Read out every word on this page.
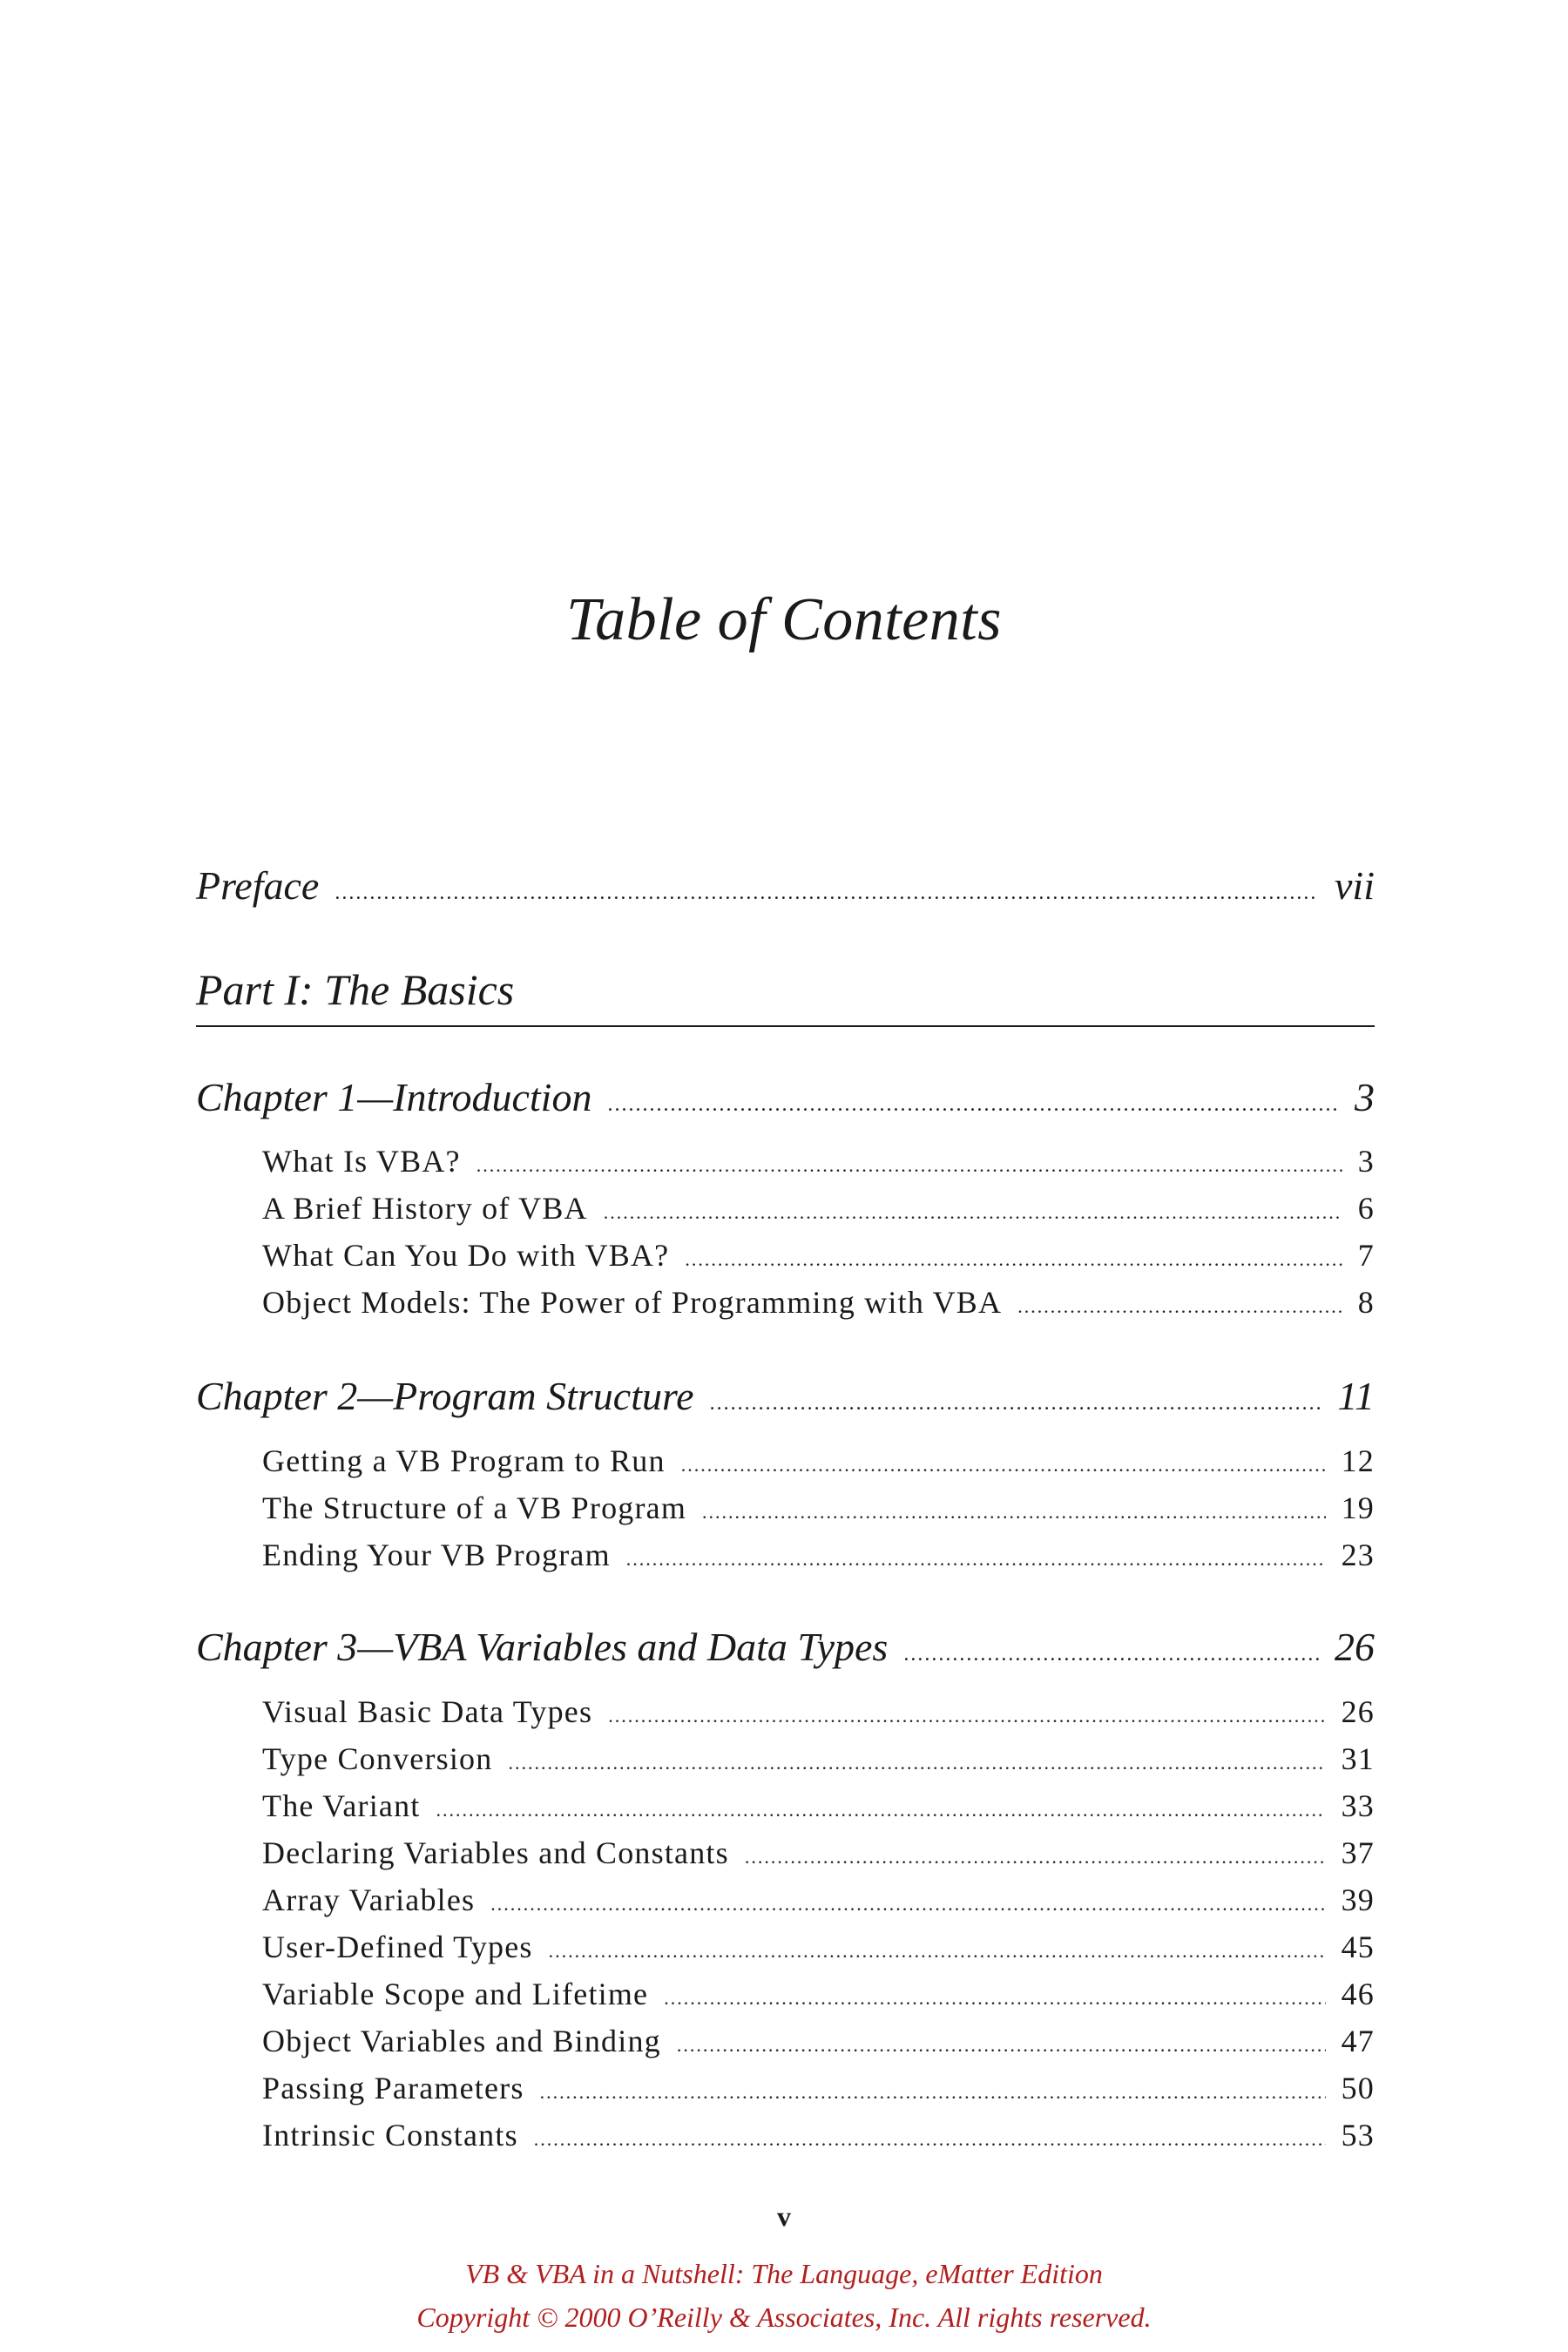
Table of Contents
Preface .....	vii
Part I: The Basics
Chapter 1—Introduction .....	3
What Is VBA? .....	3
A Brief History of VBA .....	6
What Can You Do with VBA? .....	7
Object Models: The Power of Programming with VBA .....	8
Chapter 2—Program Structure .....	11
Getting a VB Program to Run .....	12
The Structure of a VB Program .....	19
Ending Your VB Program .....	23
Chapter 3—VBA Variables and Data Types .....	26
Visual Basic Data Types .....	26
Type Conversion .....	31
The Variant .....	33
Declaring Variables and Constants .....	37
Array Variables .....	39
User-Defined Types .....	45
Variable Scope and Lifetime .....	46
Object Variables and Binding .....	47
Passing Parameters .....	50
Intrinsic Constants .....	53
v
VB & VBA in a Nutshell: The Language, eMatter Edition
Copyright © 2000 O’Reilly & Associates, Inc. All rights reserved.
